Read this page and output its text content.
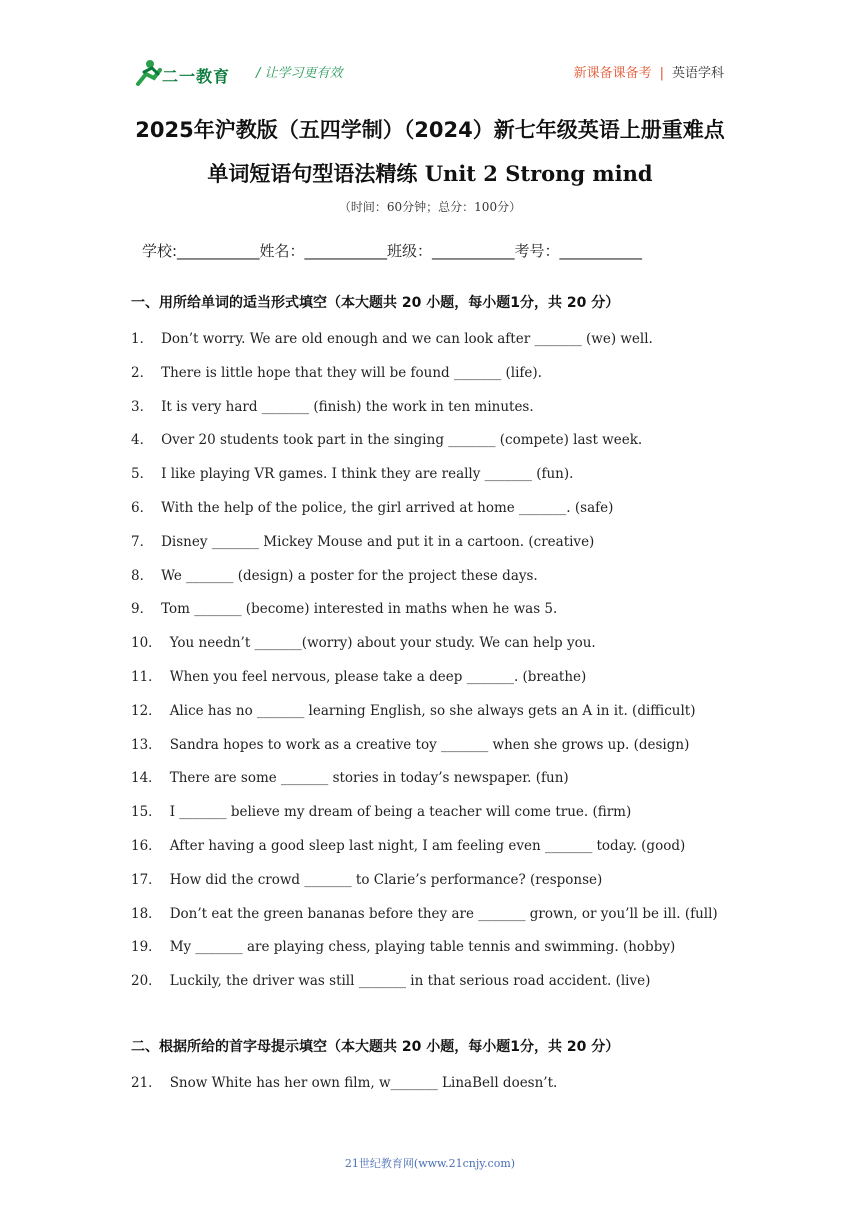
二一教育 / 让学习更有效	新课备课备考 | 英语学科
2025年沪教版（五四学制）（2024）新七年级英语上册重难点
单词短语句型语法精练 Unit 2 Strong mind
（时间：60分钟；总分：100分）
学校:___________姓名：___________班级：___________考号：___________
一、用所给单词的适当形式填空（本大题共 20 小题，每小题1分，共 20 分）
1． Don’t worry. We are old enough and we can look after _______ (we) well.
2． There is little hope that they will be found _______ (life).
3． It is very hard _______ (finish) the work in ten minutes.
4． Over 20 students took part in the singing _______ (compete) last week.
5． I like playing VR games. I think they are really _______ (fun).
6． With the help of the police, the girl arrived at home _______. (safe)
7． Disney _______ Mickey Mouse and put it in a cartoon. (creative)
8． We _______ (design) a poster for the project these days.
9． Tom _______ (become) interested in maths when he was 5.
10． You needn’t _______(worry) about your study. We can help you.
11． When you feel nervous, please take a deep _______. (breathe)
12． Alice has no _______ learning English, so she always gets an A in it. (difficult)
13． Sandra hopes to work as a creative toy _______ when she grows up. (design)
14． There are some _______ stories in today’s newspaper. (fun)
15． I _______ believe my dream of being a teacher will come true. (firm)
16． After having a good sleep last night, I am feeling even _______ today. (good)
17． How did the crowd _______ to Clarie’s performance? (response)
18． Don’t eat the green bananas before they are _______ grown, or you’ll be ill. (full)
19． My _______ are playing chess, playing table tennis and swimming. (hobby)
20． Luckily, the driver was still _______ in that serious road accident. (live)
二、根据所给的首字母提示填空（本大题共 20 小题，每小题1分，共 20 分）
21． Snow White has her own film, w_______ LinaBell doesn’t.
21世纪教育网(www.21cnjy.com)
